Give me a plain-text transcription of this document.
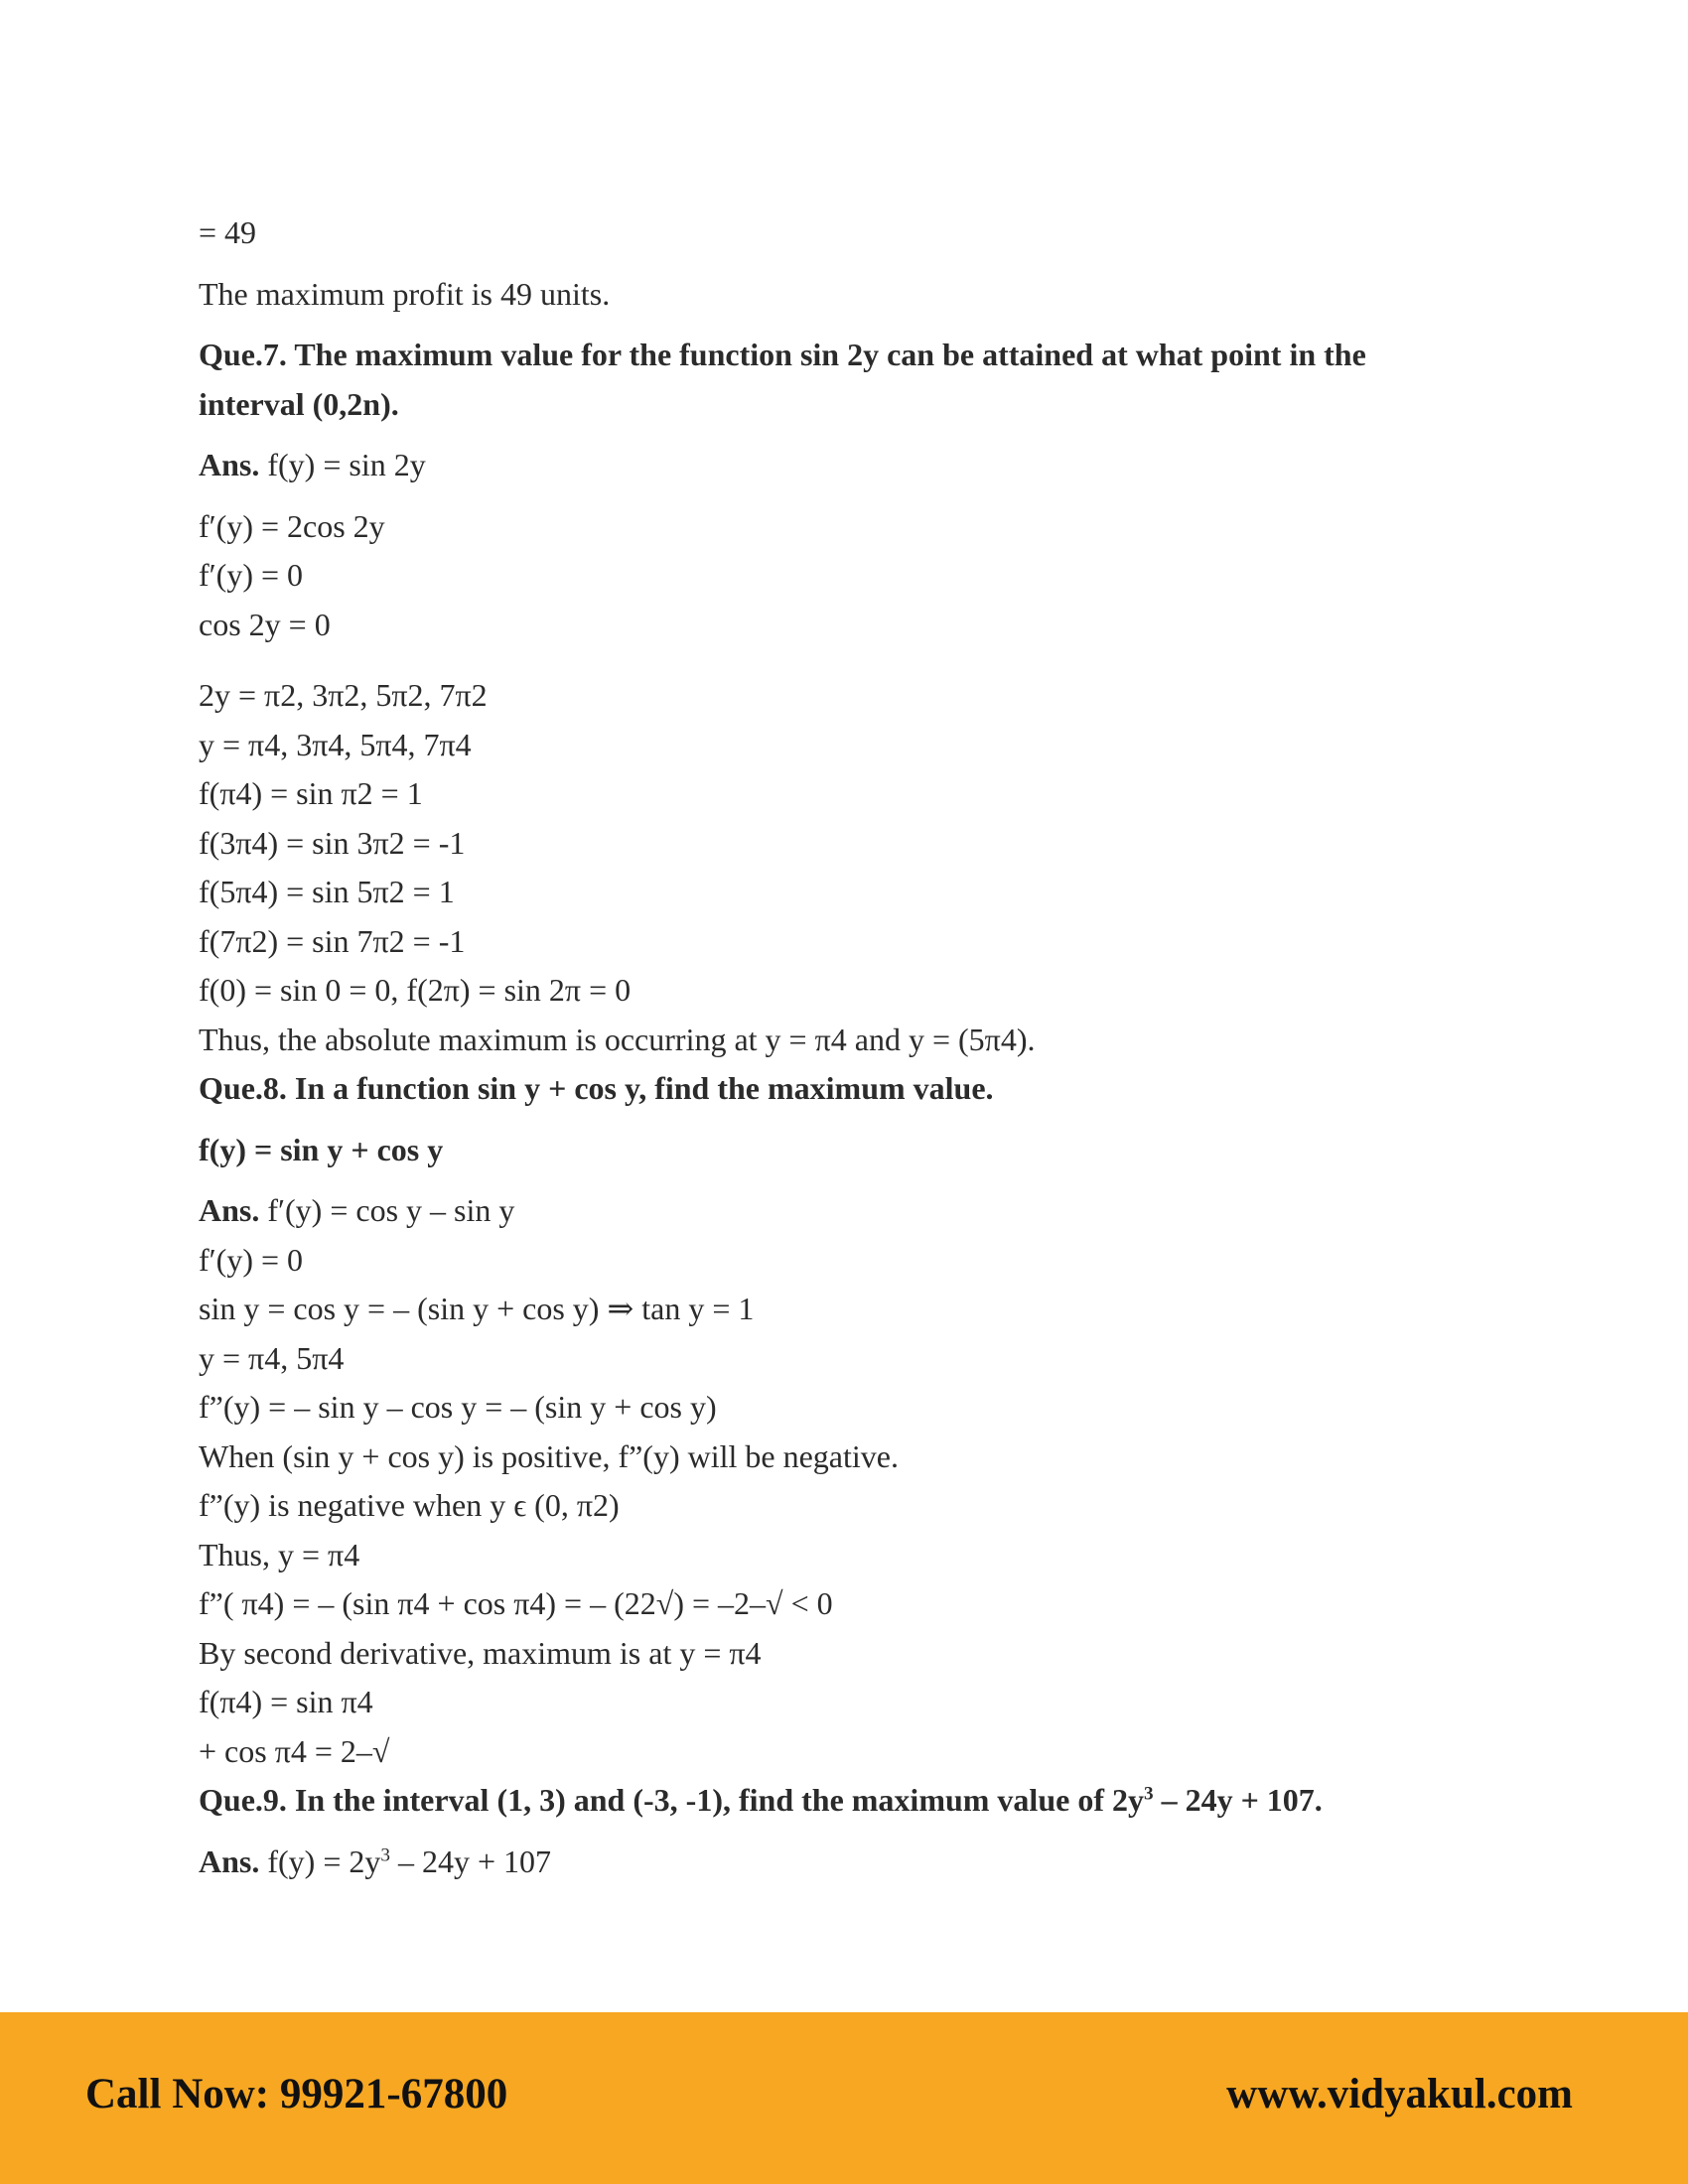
= 49
The maximum profit is 49 units.
Que.7. The maximum value for the function sin 2y can be attained at what point in the
interval (0,2n).
Ans. f(y) = sin 2y
f′(y) = 2cos 2y
f′(y) = 0
cos 2y = 0
2y = π2, 3π2, 5π2, 7π2
y = π4, 3π4, 5π4, 7π4
f(π4) = sin π2 = 1
f(3π4) = sin 3π2 = -1
f(5π4) = sin 5π2 = 1
f(7π2) = sin 7π2 = -1
f(0) = sin 0 = 0, f(2π) = sin 2π = 0
Thus, the absolute maximum is occurring at y = π4 and y = (5π4).
Que.8. In a function sin y + cos y, find the maximum value.
f(y) = sin y + cos y
Ans. f′(y) = cos y – sin y
f′(y) = 0
sin y = cos y = – (sin y + cos y) ⇒ tan y = 1
y = π4, 5π4
f”(y) = – sin y – cos y = – (sin y + cos y)
When (sin y + cos y) is positive, f”(y) will be negative.
f”(y) is negative when y ϵ (0, π2)
Thus, y = π4
f”( π4) = – (sin π4 + cos π4) = – (22√) = –2–√ < 0
By second derivative, maximum is at y = π4
f(π4) = sin π4
+ cos π4 = 2–√
Que.9. In the interval (1, 3) and (-3, -1), find the maximum value of $2y^3 - 24y + 107$.
Ans. $f(y) = 2y^3 - 24y + 107$
Call Now: 99921-67800	www.vidyakul.com
